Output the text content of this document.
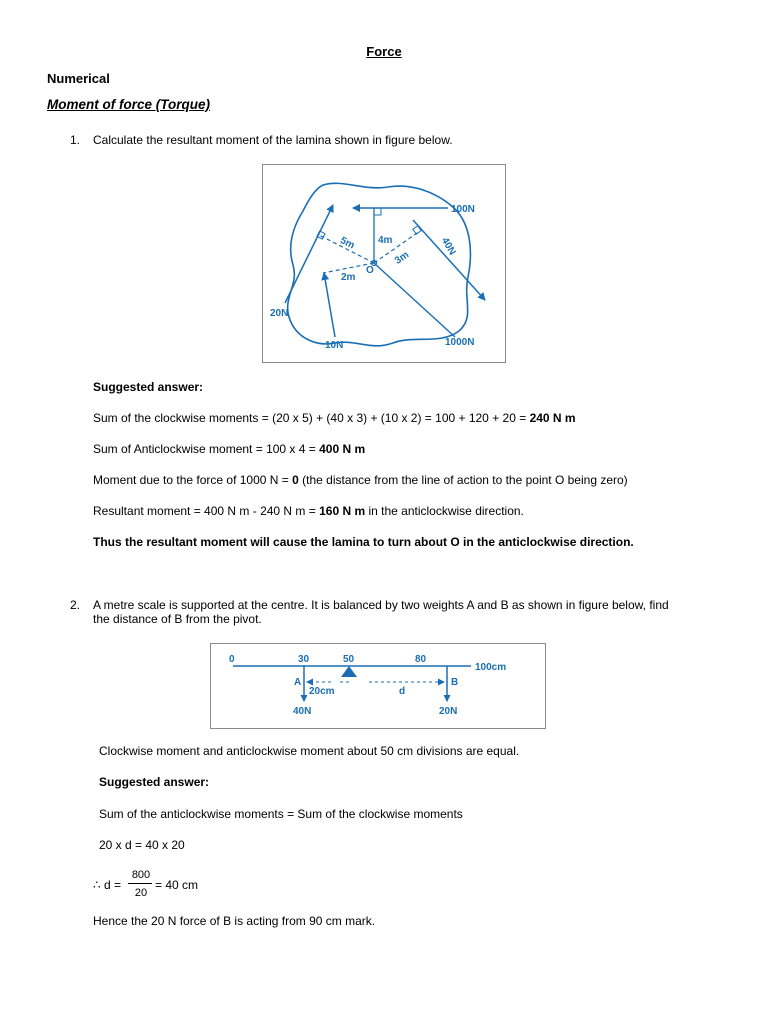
Force
Numerical
Moment of force (Torque)
1. Calculate the resultant moment of the lamina shown in figure below.
100N
40N
20N
10N	1000N
5m 4m
3m
2m
O
Suggested answer:
Sum of the clockwise moments = (20 x 5) + (40 x 3) + (10 x 2) = 100 + 120 + 20 = 240 N m
Sum of Anticlockwise moment = 100 x 4 = 400 N m
Moment due to the force of 1000 N = 0 (the distance from the line of action to the point O being zero)
Resultant moment = 400 N m - 240 N m = 160 N m in the anticlockwise direction.
Thus the resultant moment will cause the lamina to turn about O in the anticlockwise direction.
2. A metre scale is supported at the centre. It is balanced by two weights A and B as shown in figure below, find
the distance of B from the pivot.
0	30	50	80
100cm
A	B
20cm	d
40N	20N
Clockwise moment and anticlockwise moment about 50 cm divisions are equal.
Suggested answer:
Sum of the anticlockwise moments = Sum of the clockwise moments
20 x d = 40 x 20
∴ d =
800
20
= 40 cm
Hence the 20 N force of B is acting from 90 cm mark.
